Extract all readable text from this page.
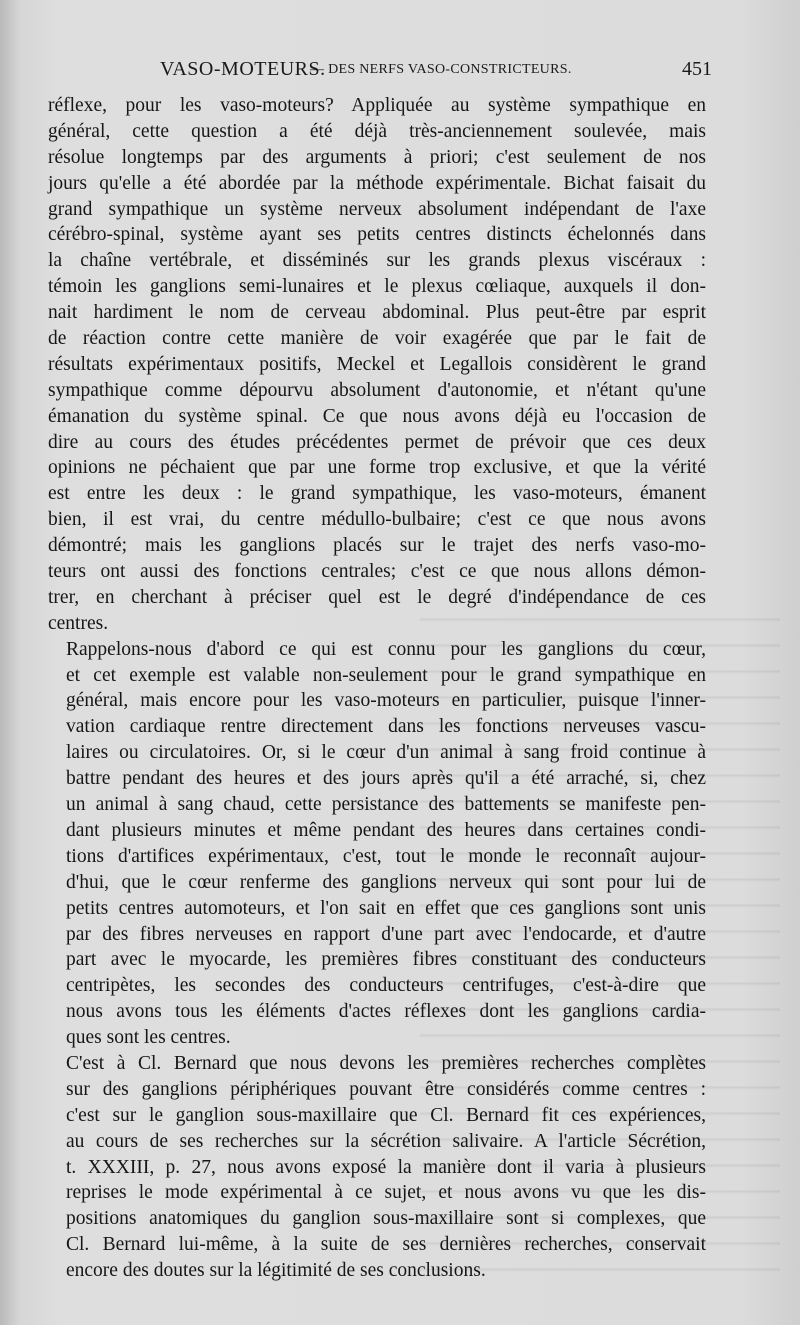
VASO-MOTEURS.
— DES NERFS VASO-CONSTRICTEURS.	451
réflexe, pour les vaso-moteurs? Appliquée au système sympathique en
général, cette question a été déjà très-anciennement soulevée, mais
résolue longtemps par des arguments à priori; c'est seulement de nos
jours qu'elle a été abordée par la méthode expérimentale. Bichat faisait du
grand sympathique un système nerveux absolument indépendant de l'axe
cérébro-spinal, système ayant ses petits centres distincts échelonnés dans
la chaîne vertébrale, et disséminés sur les grands plexus viscéraux :
témoin les ganglions semi-lunaires et le plexus cœliaque, auxquels il don-
nait hardiment le nom de cerveau abdominal. Plus peut-être par esprit
de réaction contre cette manière de voir exagérée que par le fait de
résultats expérimentaux positifs, Meckel et Legallois considèrent le grand
sympathique comme dépourvu absolument d'autonomie, et n'étant qu'une
émanation du système spinal. Ce que nous avons déjà eu l'occasion de
dire au cours des études précédentes permet de prévoir que ces deux
opinions ne péchaient que par une forme trop exclusive, et que la vérité
est entre les deux : le grand sympathique, les vaso-moteurs, émanent
bien, il est vrai, du centre médullo-bulbaire; c'est ce que nous avons
démontré; mais les ganglions placés sur le trajet des nerfs vaso-mo-
teurs ont aussi des fonctions centrales; c'est ce que nous allons démon-
trer, en cherchant à préciser quel est le degré d'indépendance de ces
centres.
Rappelons-nous d'abord ce qui est connu pour les ganglions du cœur,
et cet exemple est valable non-seulement pour le grand sympathique en
général, mais encore pour les vaso-moteurs en particulier, puisque l'inner-
vation cardiaque rentre directement dans les fonctions nerveuses vascu-
laires ou circulatoires. Or, si le cœur d'un animal à sang froid continue à
battre pendant des heures et des jours après qu'il a été arraché, si, chez
un animal à sang chaud, cette persistance des battements se manifeste pen-
dant plusieurs minutes et même pendant des heures dans certaines condi-
tions d'artifices expérimentaux, c'est, tout le monde le reconnaît aujour-
d'hui, que le cœur renferme des ganglions nerveux qui sont pour lui de
petits centres automoteurs, et l'on sait en effet que ces ganglions sont unis
par des fibres nerveuses en rapport d'une part avec l'endocarde, et d'autre
part avec le myocarde, les premières fibres constituant des conducteurs
centripètes, les secondes des conducteurs centrifuges, c'est-à-dire que
nous avons tous les éléments d'actes réflexes dont les ganglions cardia-
ques sont les centres.
C'est à Cl. Bernard que nous devons les premières recherches complètes
sur des ganglions périphériques pouvant être considérés comme centres :
c'est sur le ganglion sous-maxillaire que Cl. Bernard fit ces expériences,
au cours de ses recherches sur la sécrétion salivaire. A l'article Sécrétion,
t. XXXIII, p. 27, nous avons exposé la manière dont il varia à plusieurs
reprises le mode expérimental à ce sujet, et nous avons vu que les dis-
positions anatomiques du ganglion sous-maxillaire sont si complexes, que
Cl. Bernard lui-même, à la suite de ses dernières recherches, conservait
encore des doutes sur la légitimité de ses conclusions.
